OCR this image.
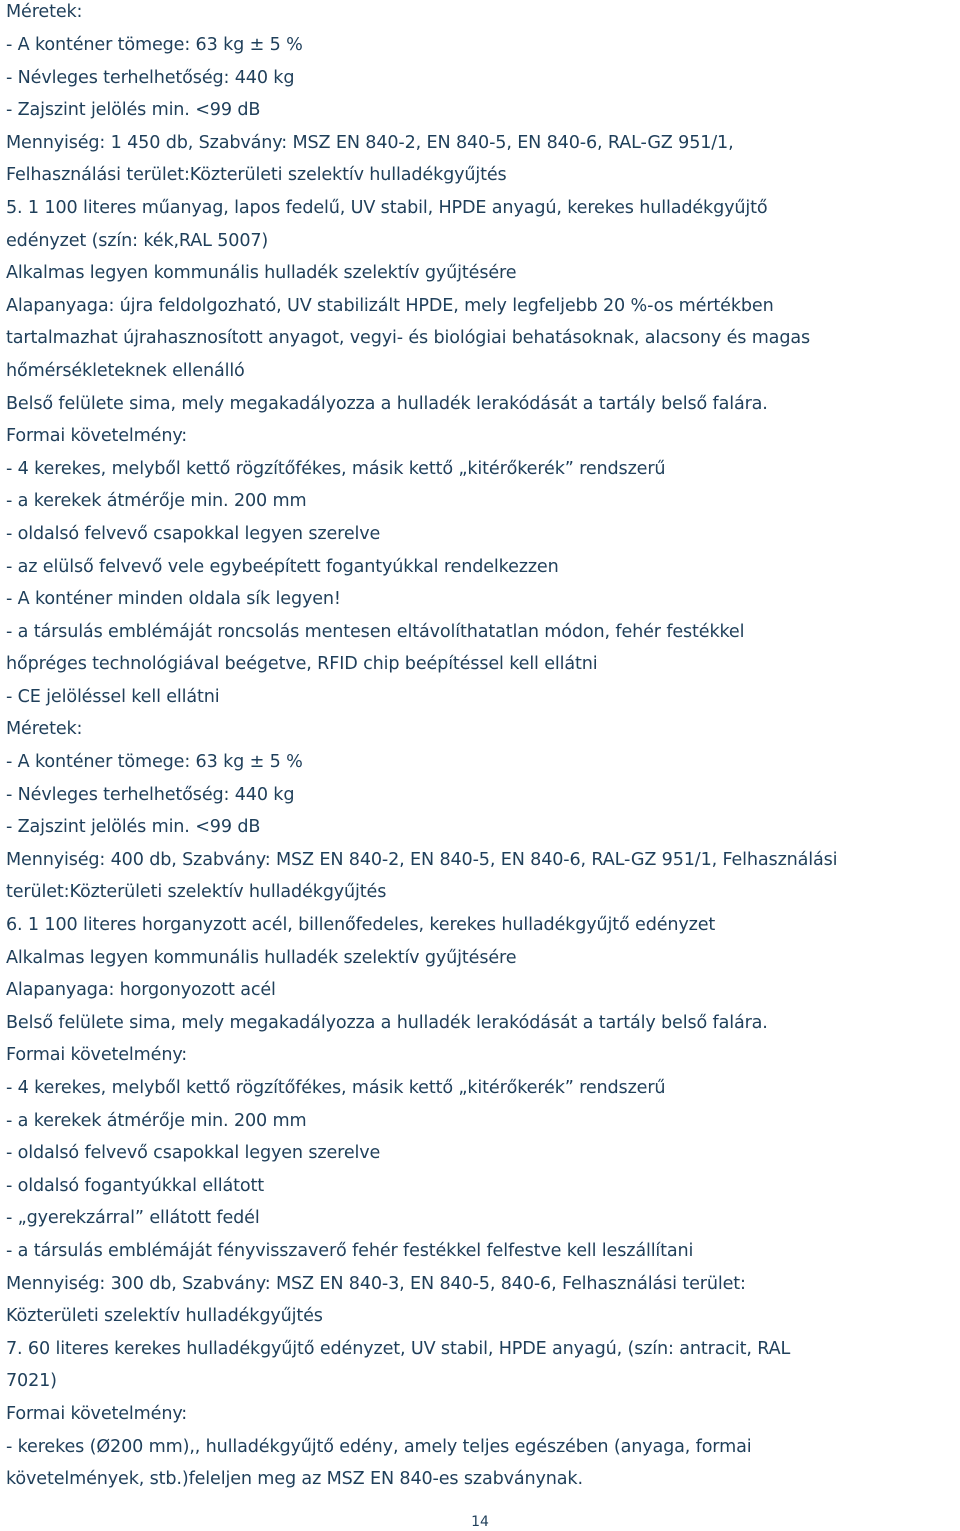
Méretek:
- A konténer tömege: 63 kg ± 5 %
- Névleges terhelhetőség: 440 kg
- Zajszint jelölés min. <99 dB
Mennyiség: 1 450 db, Szabvány: MSZ EN 840-2, EN 840-5, EN 840-6, RAL-GZ 951/1,
Felhasználási terület:Közterületi szelektív hulladékgyűjtés
5. 1 100 literes műanyag, lapos fedelű, UV stabil, HPDE anyagú, kerekes hulladékgyűjtő
edényzet (szín: kék,RAL 5007)
Alkalmas legyen kommunális hulladék szelektív gyűjtésére
Alapanyaga: újra feldolgozható, UV stabilizált HPDE, mely legfeljebb 20 %-os mértékben
tartalmazhat újrahasznosított anyagot, vegyi- és biológiai behatásoknak, alacsony és magas
hőmérsékleteknek ellenálló
Belső felülete sima, mely megakadályozza a hulladék lerakódását a tartály belső falára.
Formai követelmény:
- 4 kerekes, melyből kettő rögzítőfékes, másik kettő „kitérőkerék” rendszerű
- a kerekek átmérője min. 200 mm
- oldalsó felvevő csapokkal legyen szerelve
- az elülső felvevő vele egybeépített fogantyúkkal rendelkezzen
- A konténer minden oldala sík legyen!
- a társulás emblémáját roncsolás mentesen eltávolíthatatlan módon, fehér festékkel
hőpréges technológiával beégetve, RFID chip beépítéssel kell ellátni
- CE jelöléssel kell ellátni
Méretek:
- A konténer tömege: 63 kg ± 5 %
- Névleges terhelhetőség: 440 kg
- Zajszint jelölés min. <99 dB
Mennyiség: 400 db, Szabvány: MSZ EN 840-2, EN 840-5, EN 840-6, RAL-GZ 951/1, Felhasználási
terület:Közterületi szelektív hulladékgyűjtés
6. 1 100 literes horganyzott acél, billenőfedeles, kerekes hulladékgyűjtő edényzet
Alkalmas legyen kommunális hulladék szelektív gyűjtésére
Alapanyaga: horgonyozott acél
Belső felülete sima, mely megakadályozza a hulladék lerakódását a tartály belső falára.
Formai követelmény:
- 4 kerekes, melyből kettő rögzítőfékes, másik kettő „kitérőkerék” rendszerű
- a kerekek átmérője min. 200 mm
- oldalsó felvevő csapokkal legyen szerelve
- oldalsó fogantyúkkal ellátott
- „gyerekzárral” ellátott fedél
- a társulás emblémáját fényvisszaverő fehér festékkel felfestve kell leszállítani
Mennyiség: 300 db, Szabvány: MSZ EN 840-3, EN 840-5, 840-6, Felhasználási terület:
Közterületi szelektív hulladékgyűjtés
7. 60 literes kerekes hulladékgyűjtő edényzet, UV stabil, HPDE anyagú, (szín: antracit, RAL
7021)
Formai követelmény:
- kerekes (Ø200 mm),, hulladékgyűjtő edény, amely teljes egészében (anyaga, formai
követelmények, stb.)feleljen meg az MSZ EN 840-es szabványnak.
14
